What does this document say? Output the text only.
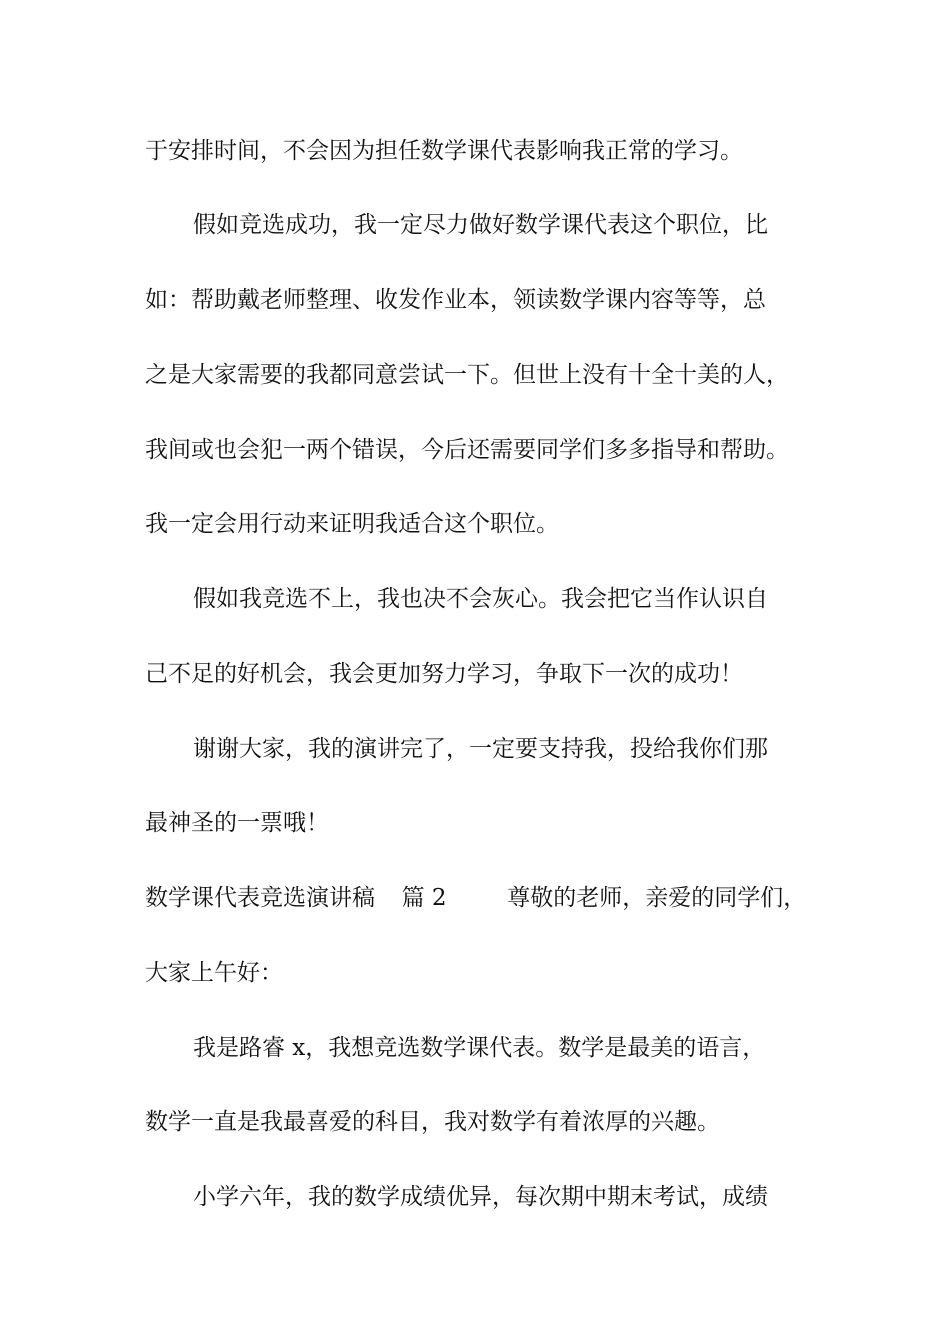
于安排时间，不会因为担任数学课代表影响我正常的学习。
假如竞选成功，我一定尽力做好数学课代表这个职位，比
如：帮助戴老师整理、收发作业本，领读数学课内容等等，总
之是大家需要的我都同意尝试一下。但世上没有十全十美的人，
我间或也会犯一两个错误，今后还需要同学们多多指导和帮助。
我一定会用行动来证明我适合这个职位。
假如我竞选不上，我也决不会灰心。我会把它当作认识自
己不足的好机会，我会更加努力学习，争取下一次的成功！
谢谢大家，我的演讲完了，一定要支持我，投给我你们那
最神圣的一票哦！
数学课代表竞选演讲稿 篇 2	尊敬的老师，亲爱的同学们，
大家上午好：
我是路睿 x，我想竞选数学课代表。数学是最美的语言，
数学一直是我最喜爱的科目，我对数学有着浓厚的兴趣。
小学六年，我的数学成绩优异，每次期中期末考试，成绩
